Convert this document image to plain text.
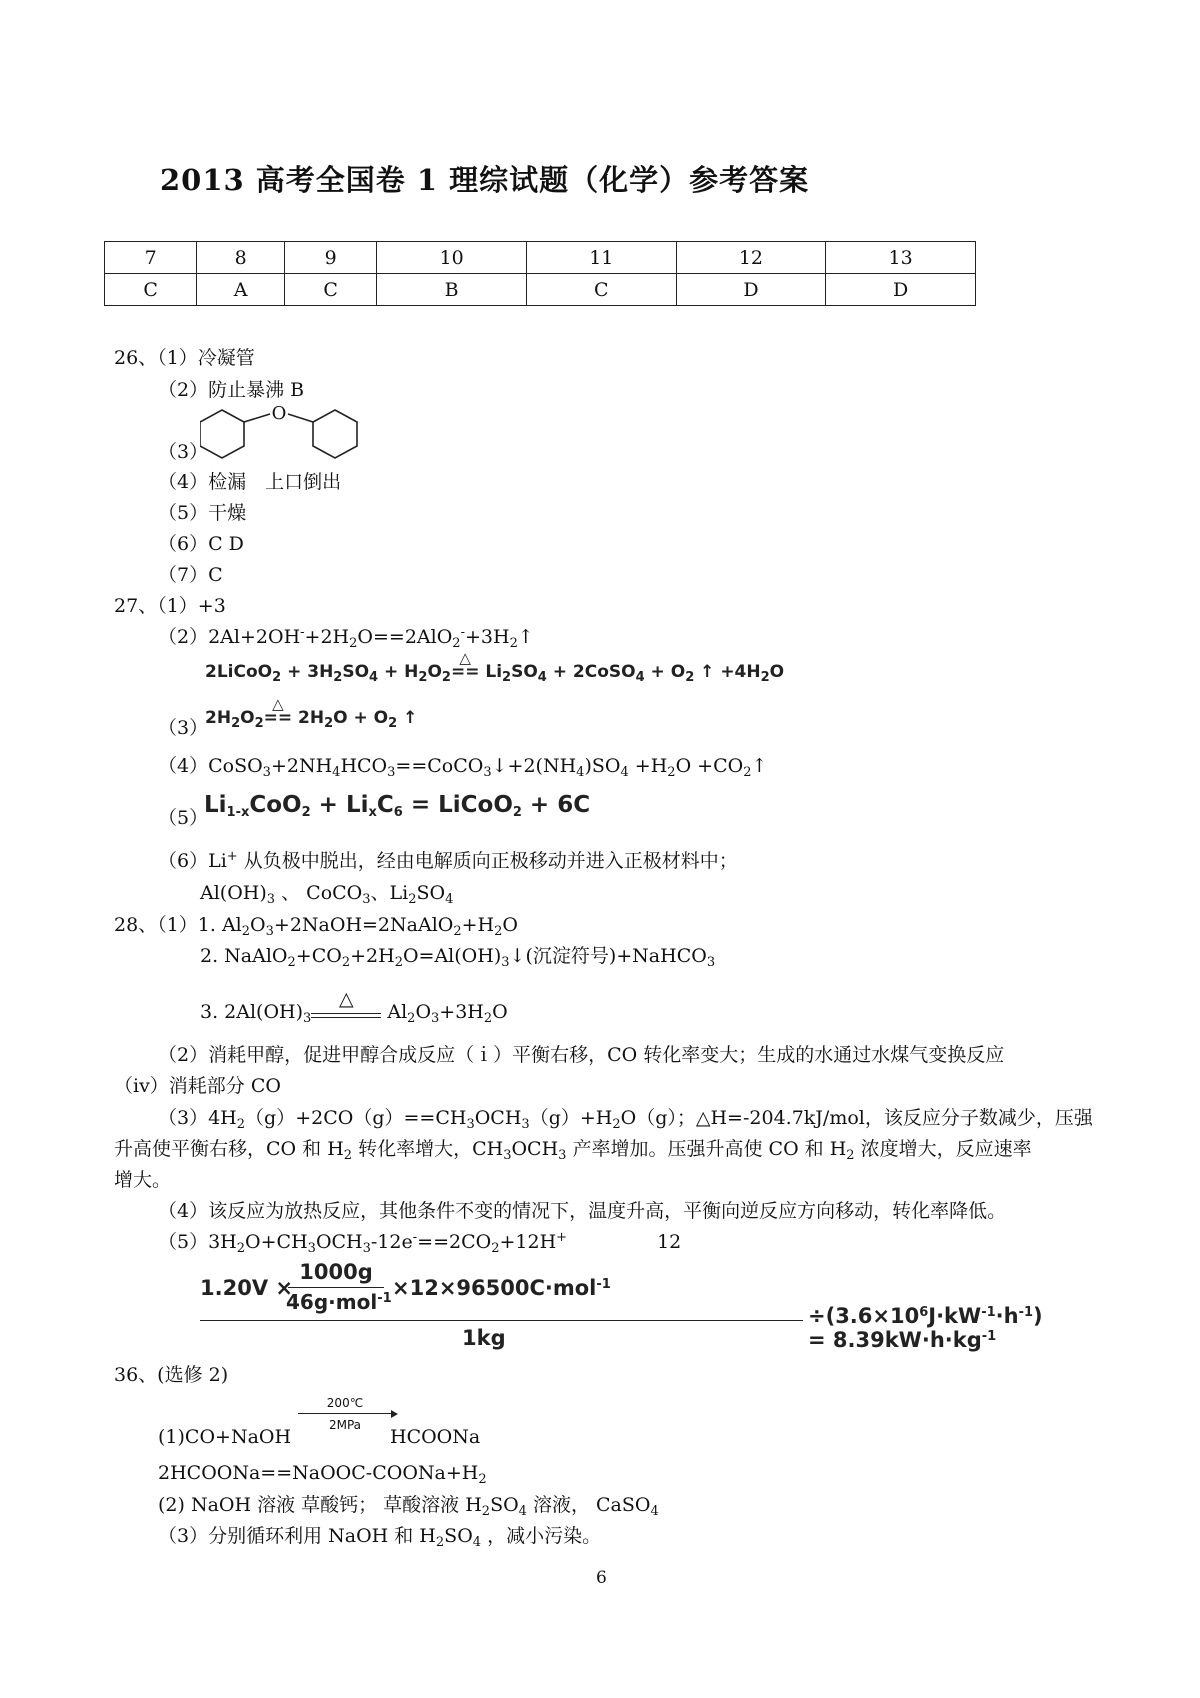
2013 高考全国卷 1 理综试题（化学）参考答案
7	8	9	10	11	12	13
C	A	C	B	C	D	D
26、（1）冷凝管
（2）防止暴沸 B
（3）
O
（4）检漏　上口倒出
（5）干燥
（6）C D
（7）C
27、（1）+3
$(2)2Al+2OH^-+2H_2O==2AlO_2^-+3H_2↑$
2LiCoO$_2$ + $3H_2SO_4 + H_2O_2==$
△
$Li_2SO_4$ + 2CoSO$_4$ + $O_2$ ↑ $+4H_2O$
（3）
$2H_2O_2==$
△
$2H_2O + O_2$ ↑
$(4)CoSO_3+2NH_4HCO_3==CoCO_3↓+2(NH_4)SO_4 +H_2O$ $+CO_2↑$
（5）
$Li_{1-x}CoO_2 + Li_xC_6$ = LiCoO$_2$ + 6C
（6）Li+ 从负极中脱出，经由电解质向正极移动并进入正极材料中；
$Al(OH)_3$ 、 CoCO$_3$、$Li_2SO_4$
28、（1）1. $Al_2O_3+2NaOH=2NaAlO_2+H_2O$
2. $NaAlO_2+CO_2+2H_2O=Al(OH)_3↓$(沉淀符号)+NaHCO$_3$
3. $2Al(OH)_3$
△
$Al_2O_3+3H_2O$
（2）消耗甲醇，促进甲醇合成反应（ｉ）平衡右移，CO 转化率变大；生成的水通过水煤气变换反应
（iv）消耗部分 CO
$(3)4H_2(g)+2CO(g)==CH_3OCH_3(g)+H_2O(g)$；△H=-204.7kJ/mol，该反应分子数减少，压强
升高使平衡右移，CO 和 $H_2$ 转化率增大，$CH_3OCH_3$ 产率增加。压强升高使 CO 和 $H_2$ 浓度增大，反应速率
增大。
（4）该反应为放热反应，其他条件不变的情况下，温度升高，平衡向逆反应方向移动，转化率降低。
$(5)3H_2O+CH_3OCH_3-12e^-==2CO_2+12H^+$	12
1.20V ×
1000g
46g·mol$^{-1}$ ×12×96500C·mol$^{-1}$
1kg
$\div(3.6\times 10^6J\cdot kW^{-1}\cdot h^{-1}) = 8.39kW\cdot h\cdot kg^{-1}$
36、(选修 2)
(1)CO+NaOH
200℃
2MPa
HCOONa
$2HCOONa==NaOOC-COONa+H_2$
(2) NaOH 溶液 草酸钙； 草酸溶液 $H_2SO_4$ 溶液， CaSO$_4$
（3）分别循环利用 NaOH 和 $H_2SO_4$ ，减小污染。
6
